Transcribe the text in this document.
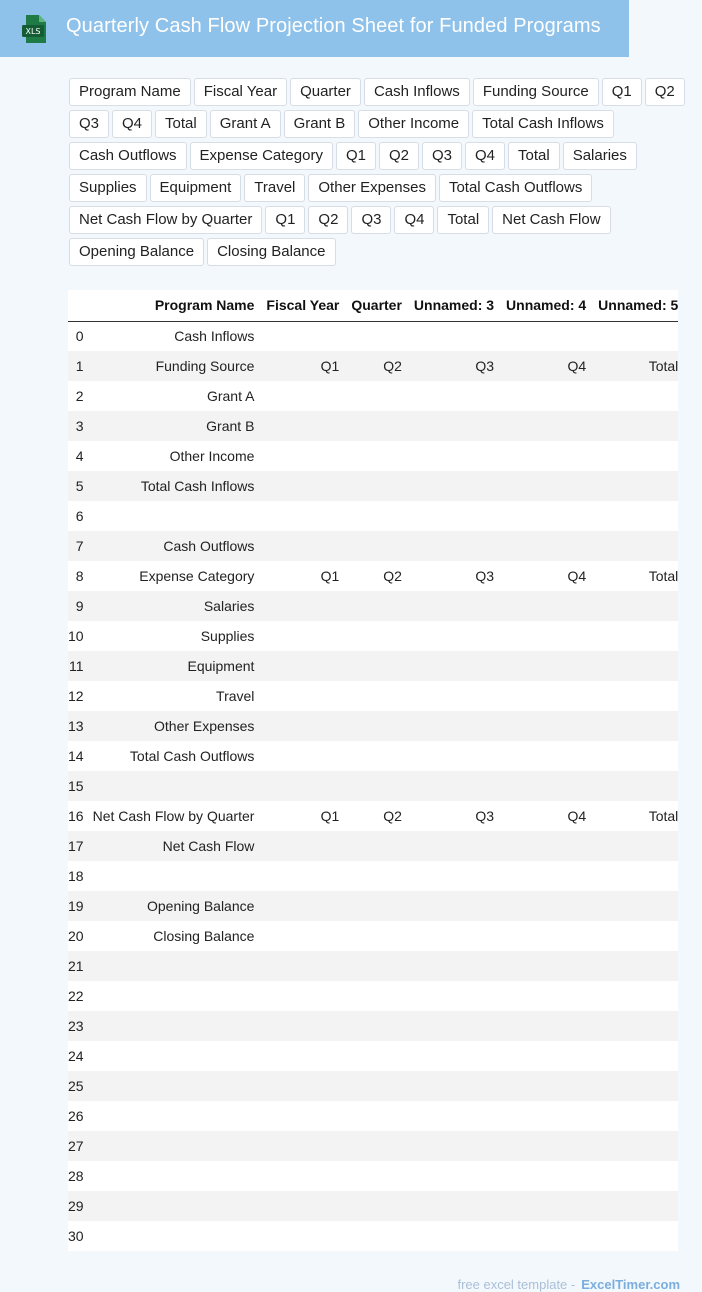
XLS Quarterly Cash Flow Projection Sheet for Funded Programs
Program Name	Fiscal Year	Quarter	Cash Inflows	Funding Source	Q1	Q2
Q3	Q4	Total	Grant A	Grant B	Other Income	Total Cash Inflows
Cash Outflows	Expense Category	Q1	Q2	Q3	Q4	Total	Salaries
Supplies	Equipment	Travel	Other Expenses	Total Cash Outflows
Net Cash Flow by Quarter	Q1	Q2	Q3	Q4	Total	Net Cash Flow
Opening Balance	Closing Balance
	Program Name	Fiscal Year	Quarter	Unnamed: 3	Unnamed: 4	Unnamed: 5
0	Cash Inflows					
1	Funding Source	Q1	Q2	Q3	Q4	Total
2	Grant A					
3	Grant B					
4	Other Income					
5	Total Cash Inflows					
6						
7	Cash Outflows					
8	Expense Category	Q1	Q2	Q3	Q4	Total
9	Salaries					
10	Supplies					
11	Equipment					
12	Travel					
13	Other Expenses					
14	Total Cash Outflows					
15						
16	Net Cash Flow by Quarter	Q1	Q2	Q3	Q4	Total
17	Net Cash Flow					
18						
19	Opening Balance					
20	Closing Balance					
21						
22						
23						
24						
25						
26						
27						
28						
29						
30						
free excel template - ExcelTimer.com
